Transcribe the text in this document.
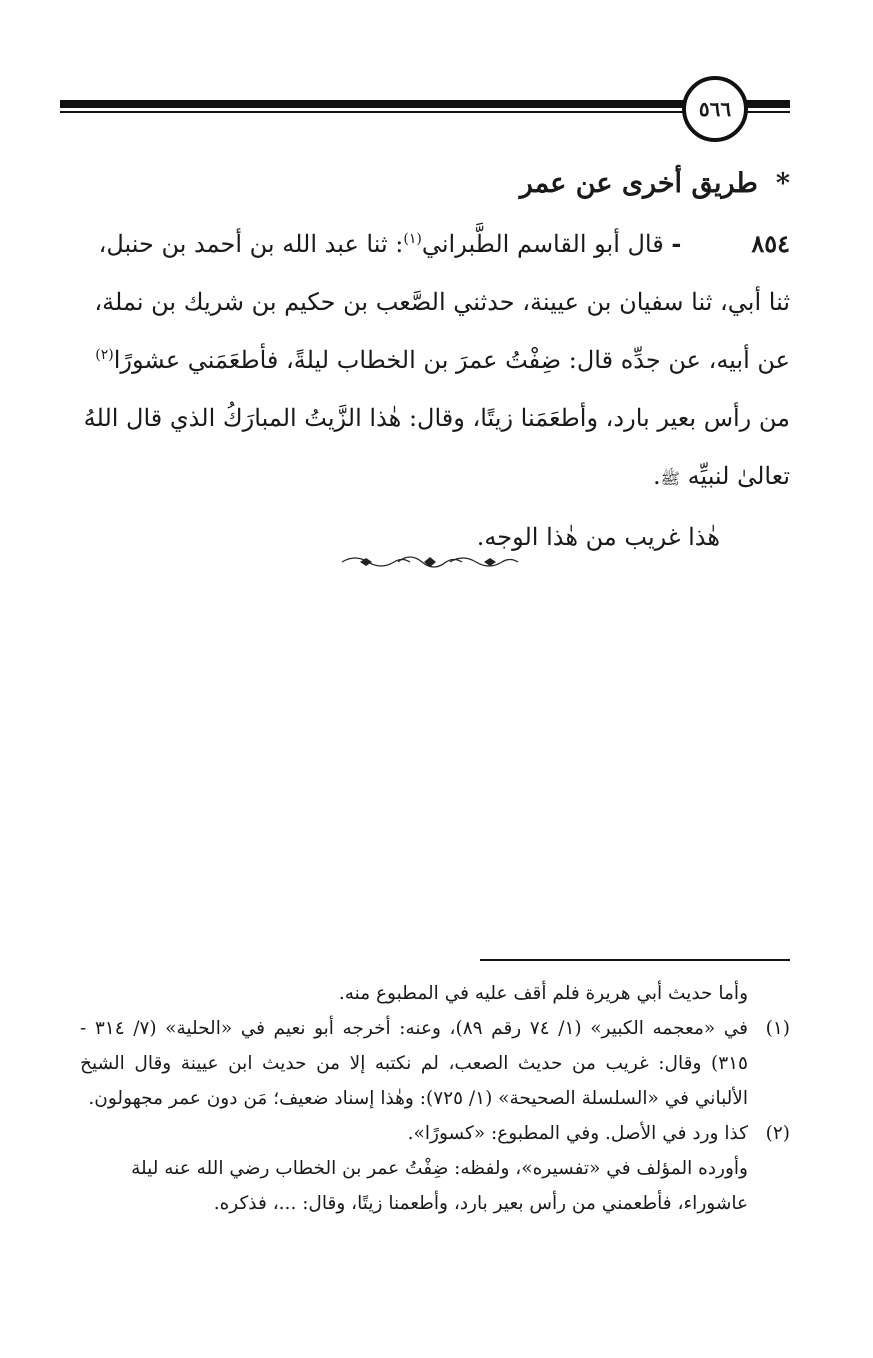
٥٦٦
*طريق أخرى عن عمر

٨٥٤- قال أبو القاسم الطَّبراني$^{(١)}$: ثنا عبد الله بن أحمد بن حنبل،

ثنا أبي، ثنا سفيان بن عيينة، حدثني الصَّعب بن حكيم بن شريك بن نملة،

عن أبيه، عن جدِّه قال: ضِفْتُ عمرَ بن الخطاب ليلةً، فأطعَمَني عشورًا$^{(٢)}$

من رأس بعير بارد، وأطعَمَنا زيتًا، وقال: هٰذا الزَّيتُ المبارَكُ الذي قال اللهُ

تعالىٰ لنبيِّه ﷺ.

هٰذا غريب من هٰذا الوجه.

وأما حديث أبي هريرة فلم أقف عليه في المطبوع منه.

(١)
في «معجمه الكبير» (١/ ٧٤ رقم ٨٩)، وعنه: أخرجه أبو نعيم في «الحلية» (٧/ ٣١٤ - ٣١٥) وقال: غريب من حديث الصعب، لم نكتبه إلا من حديث ابن عيينة وقال الشيخ الألباني في «السلسلة الصحيحة» (١/ ٧٢٥): وهٰذا إسناد ضعيف؛ مَن دون عمر مجهولون.
(٢)
كذا ورد في الأصل. وفي المطبوع: «كسورًا».

وأورده المؤلف في «تفسيره»، ولفظه: ضِفْتُ عمر بن الخطاب رضي الله عنه ليلة عاشوراء، فأطعمني من رأس بعير بارد، وأطعمنا زيتًا، وقال: ...، فذكره.
